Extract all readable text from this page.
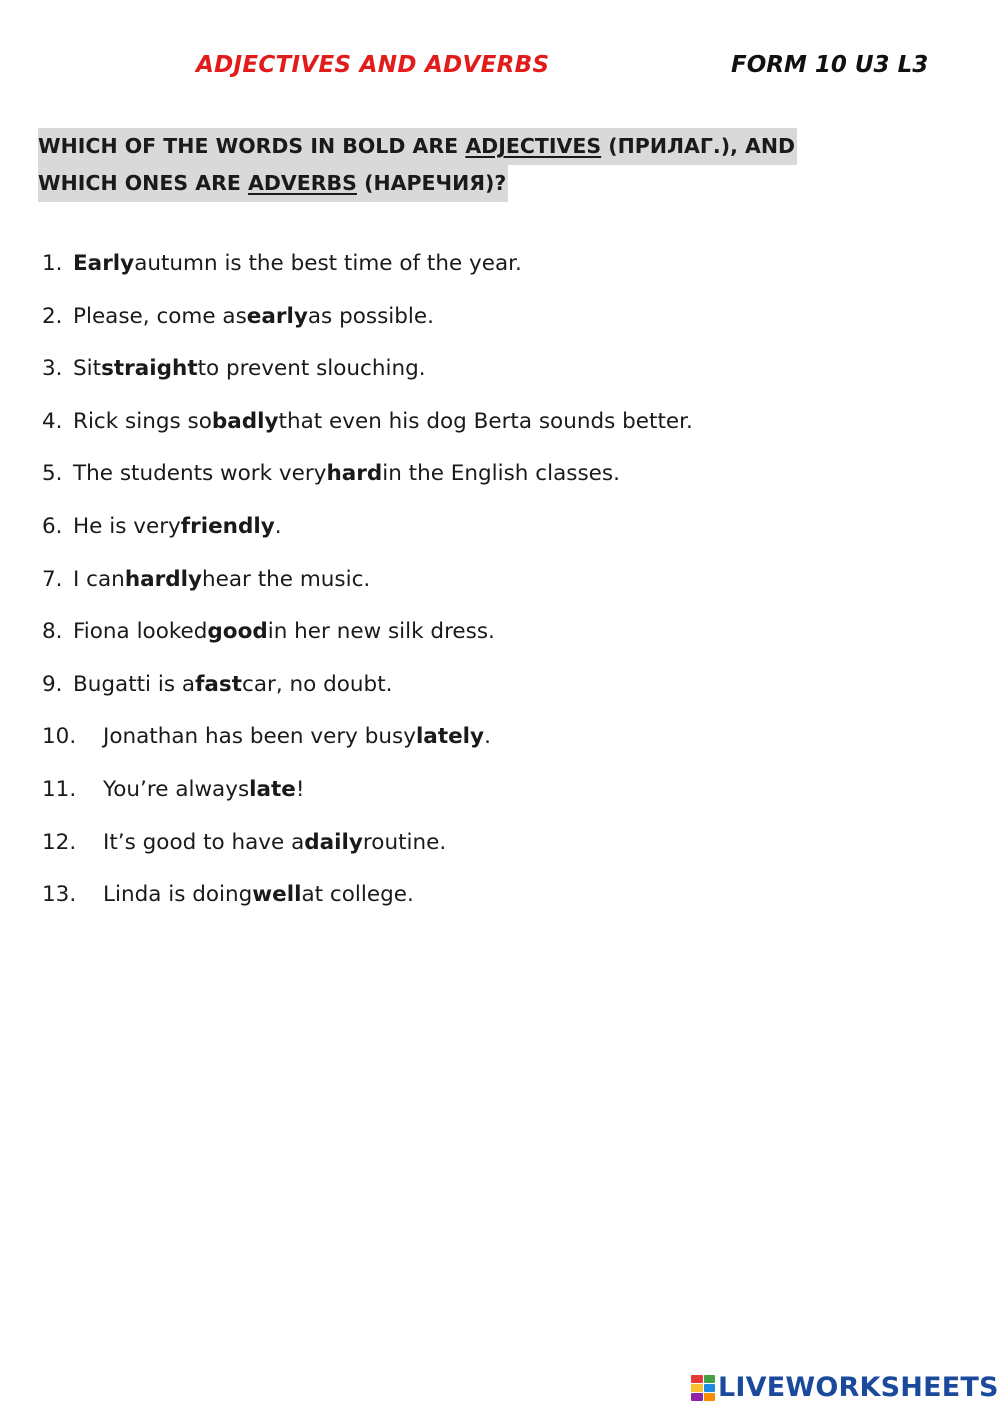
ADJECTIVES AND ADVERBS	FORM 10 U3 L3
WHICH OF THE WORDS IN BOLD ARE ADJECTIVES (ПРИЛАГ.), AND
WHICH ONES ARE ADVERBS (НАРЕЧИЯ)?
1. Early autumn is the best time of the year.
2. Please, come as early as possible.
3. Sit straight to prevent slouching.
4. Rick sings so badly that even his dog Berta sounds better.
5. The students work very hard in the English classes.
6. He is very friendly .
7. I can hardly hear the music.
8. Fiona looked good in her new silk dress.
9. Bugatti is a fast car, no doubt.
10.	Jonathan has been very busy lately .
11.	You’re always late !
12.	It’s good to have a daily routine.
13.	Linda is doing well at college.
LIVEWORKSHEETS
